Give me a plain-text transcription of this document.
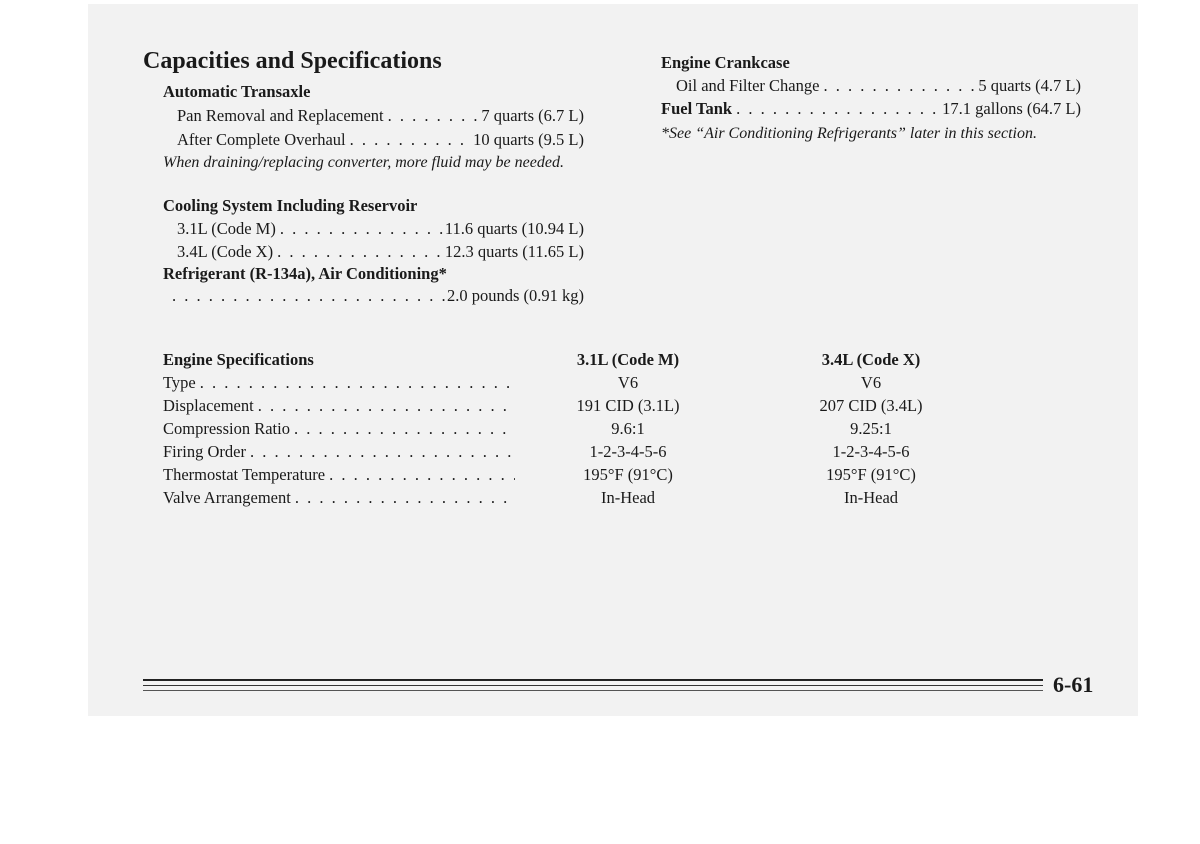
Capacities and Specifications
Automatic Transaxle
Pan Removal and Replacement . . .	7 quarts (6.7 L)
After Complete Overhaul . . .	10 quarts (9.5 L)
When draining/replacing converter, more fluid may be needed.
Cooling System Including Reservoir
3.1L (Code M) . . .	11.6 quarts (10.94 L)
3.4L (Code X) . . .	12.3 quarts (11.65 L)
Refrigerant (R-134a), Air Conditioning*
. . .
2.0 pounds (0.91 kg)
Engine Crankcase
Oil and Filter Change . . .	5 quarts (4.7 L)
Fuel Tank . . .	17.1 gallons (64.7 L)
*See “Air Conditioning Refrigerants” later in this section.
Engine Specifications	3.1L (Code M)	3.4L (Code X)
Type . . .	V6	V6
Displacement . . .	191 CID (3.1L)	207 CID (3.4L)
Compression Ratio . . .	9.6:1	9.25:1
Firing Order . . .	1-2-3-4-5-6	1-2-3-4-5-6
Thermostat Temperature . . .	195°F (91°C)	195°F (91°C)
Valve Arrangement . . .	In-Head	In-Head
6-61
